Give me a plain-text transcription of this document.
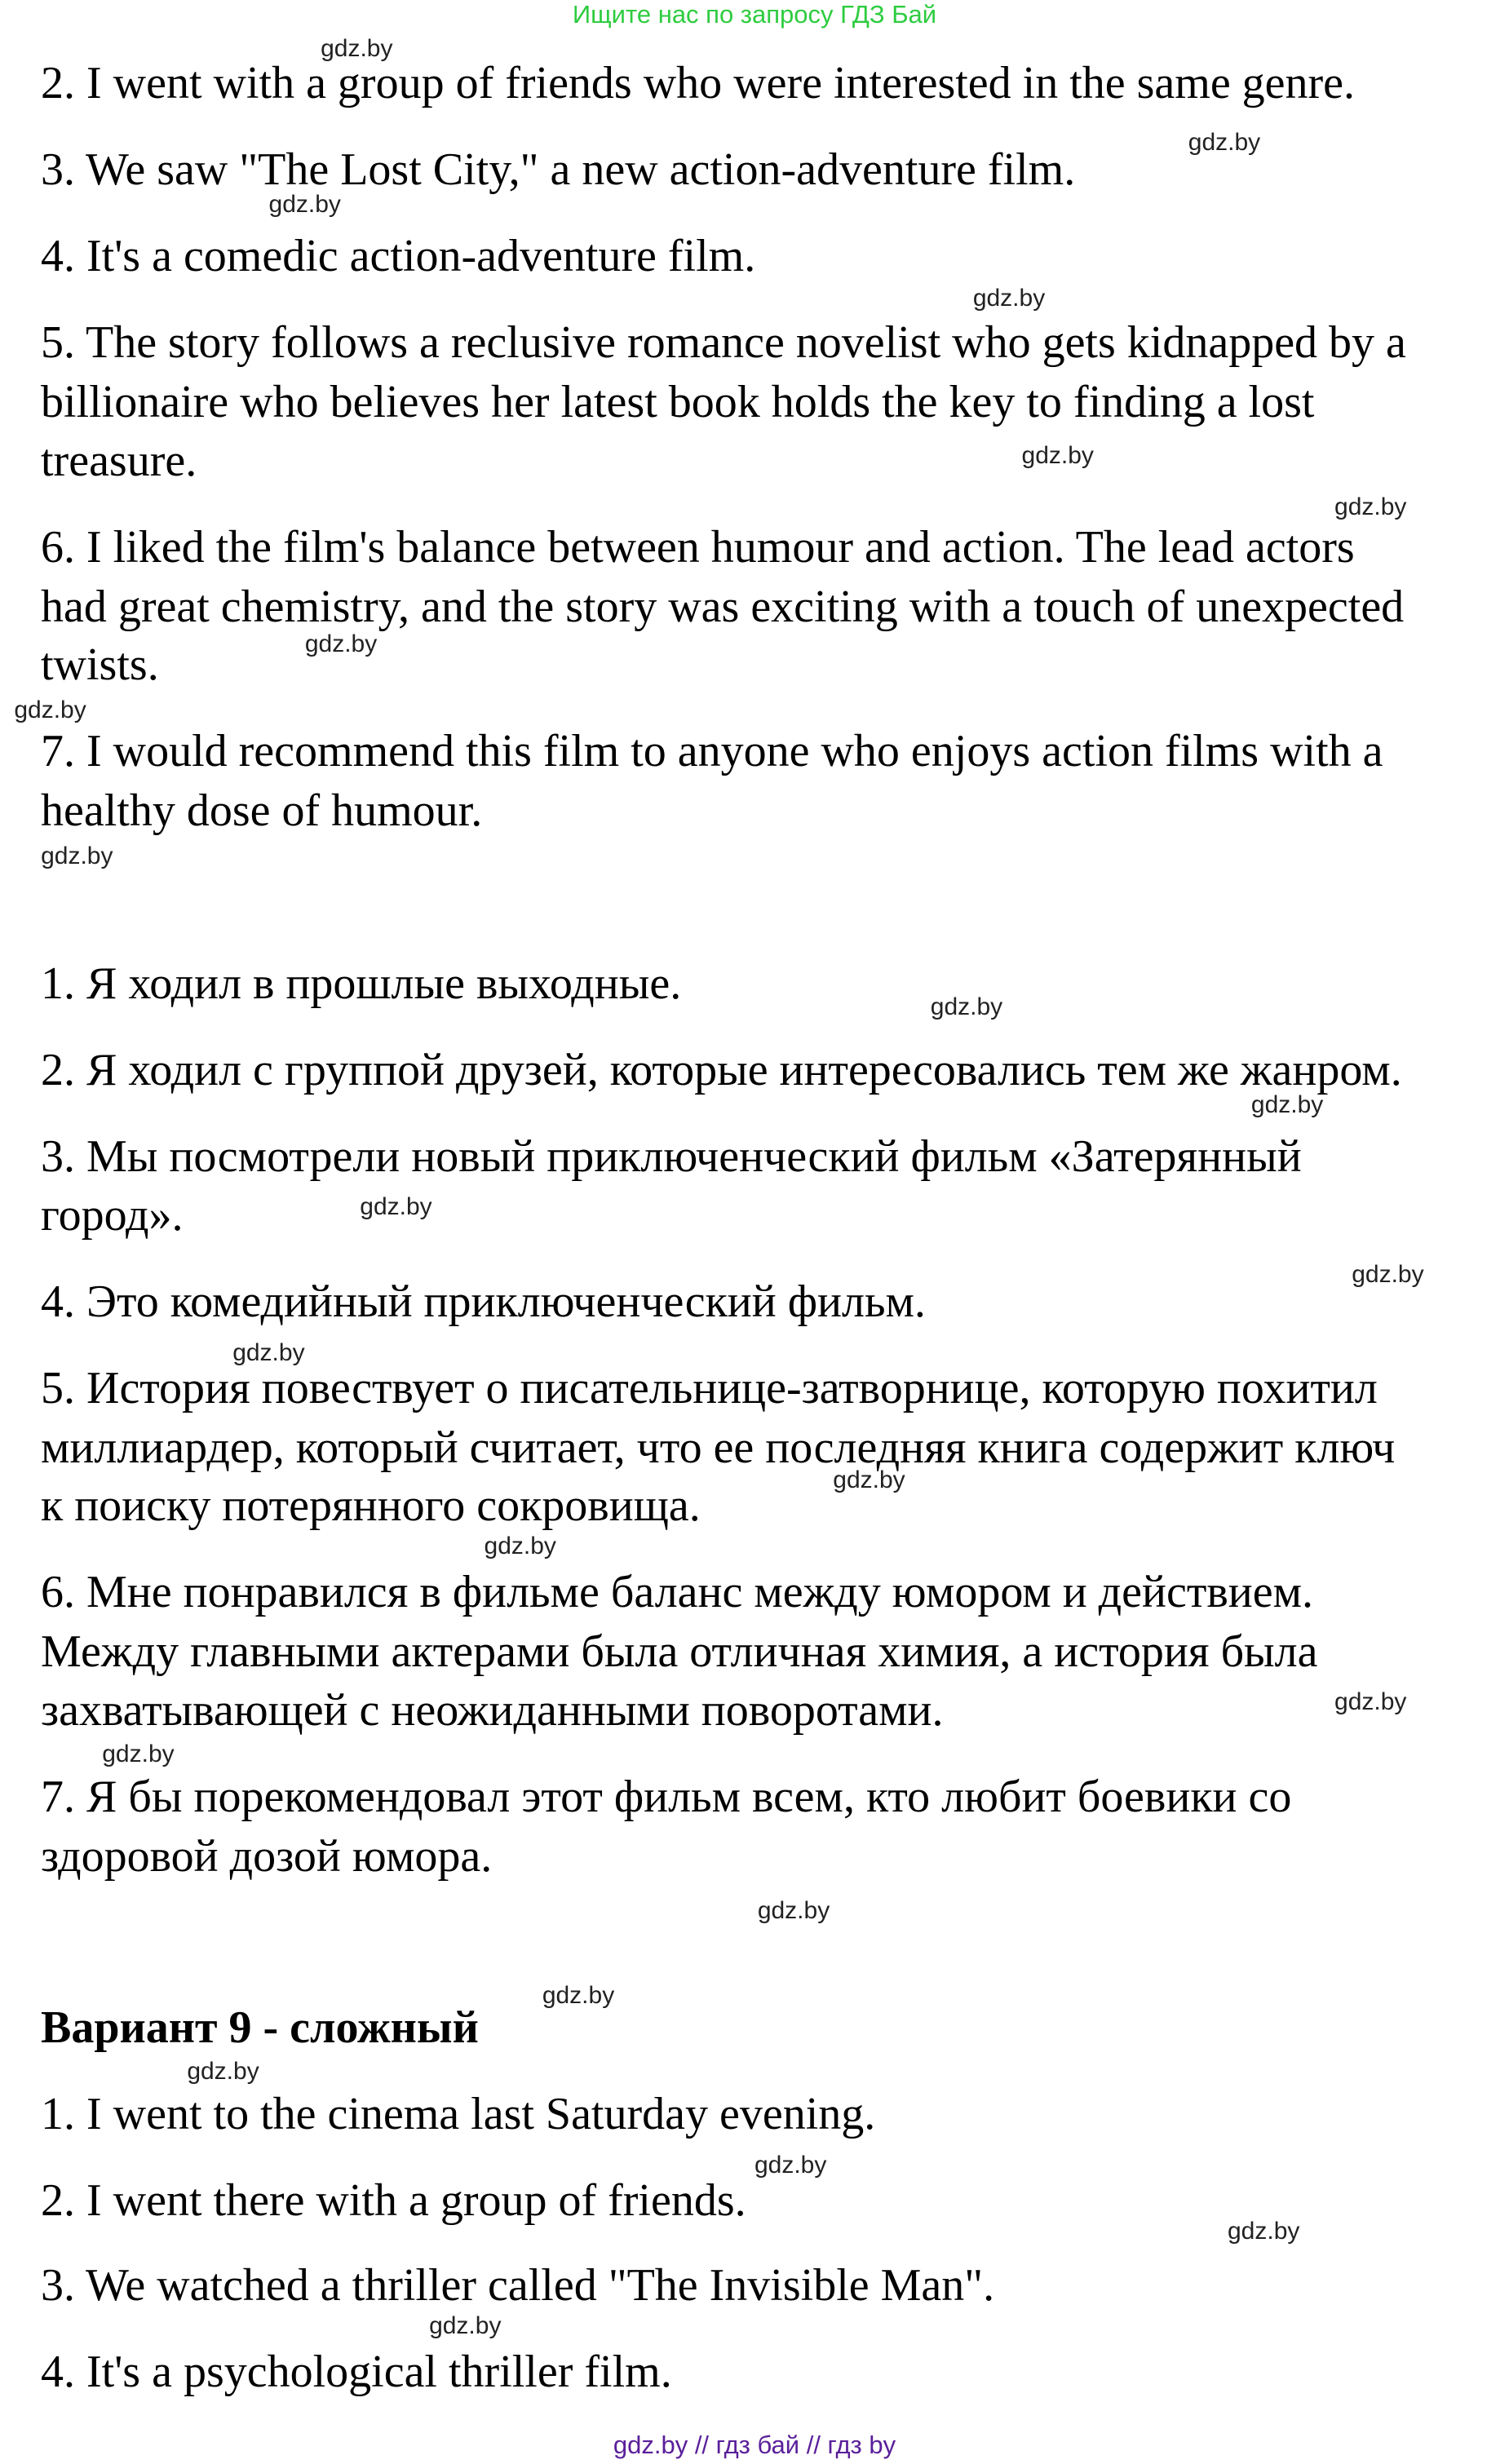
Ищите нас по запросу ГДЗ Бай
2. I went with a group of friends who were interested in the same genre.
3. We saw "The Lost City," a new action-adventure film.
4. It's a comedic action-adventure film.
5. The story follows a reclusive romance novelist who gets kidnapped by a
billionaire who believes her latest book holds the key to finding a lost
treasure.
6. I liked the film's balance between humour and action. The lead actors
had great chemistry, and the story was exciting with a touch of unexpected
twists.
7. I would recommend this film to anyone who enjoys action films with a
healthy dose of humour.
1. Я ходил в прошлые выходные.
2. Я ходил с группой друзей, которые интересовались тем же жанром.
3. Мы посмотрели новый приключенческий фильм «Затерянный
город».
4. Это комедийный приключенческий фильм.
5. История повествует о писательнице-затворнице, которую похитил
миллиардер, который считает, что ее последняя книга содержит ключ
к поиску потерянного сокровища.
6. Мне понравился в фильме баланс между юмором и действием.
Между главными актерами была отличная химия, а история была
захватывающей с неожиданными поворотами.
7. Я бы порекомендовал этот фильм всем, кто любит боевики со
здоровой дозой юмора.
Вариант 9 - сложный
1. I went to the cinema last Saturday evening.
2. I went there with a group of friends.
3. We watched a thriller called "The Invisible Man".
4. It's a psychological thriller film.
gdz.by
gdz.by
gdz.by
gdz.by
gdz.by
gdz.by
gdz.by
gdz.by
gdz.by
gdz.by
gdz.by
gdz.by
gdz.by
gdz.by
gdz.by
gdz.by
gdz.by
gdz.by
gdz.by
gdz.by
gdz.by
gdz.by
gdz.by
gdz.by
gdz.by // гдз бай // гдз by
